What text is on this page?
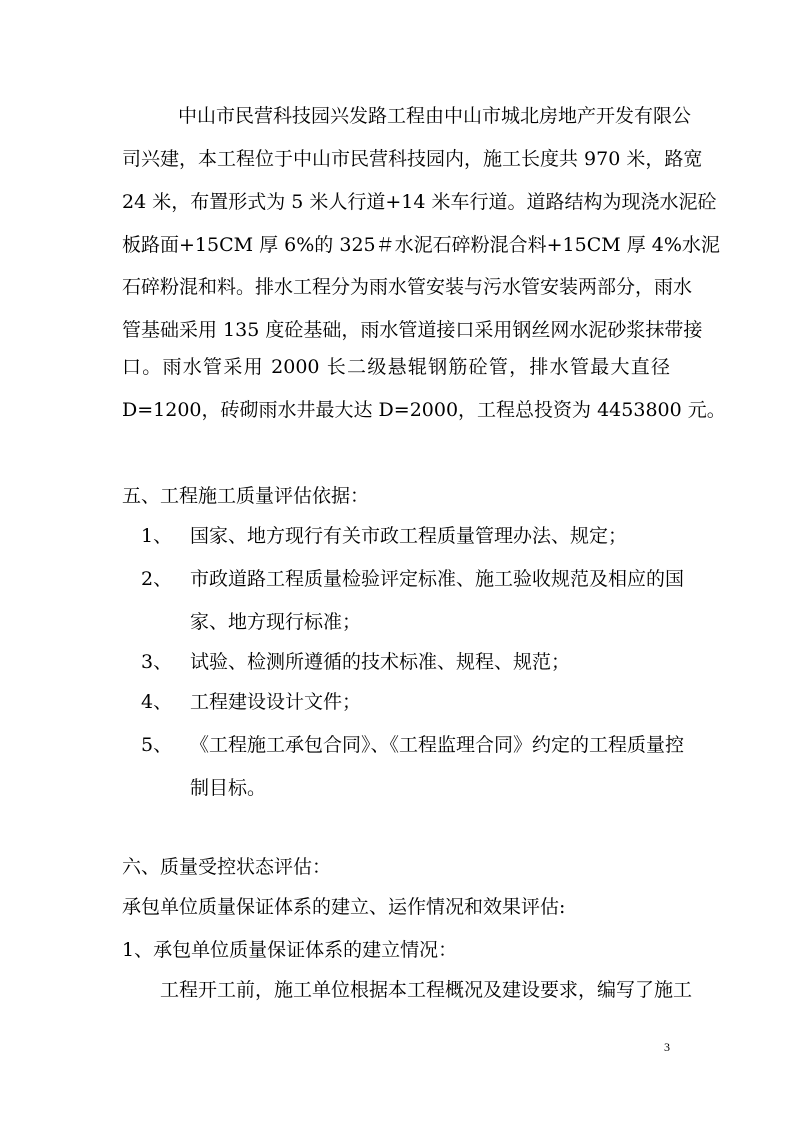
中山市民营科技园兴发路工程由中山市城北房地产开发有限公
司兴建，本工程位于中山市民营科技园内，施工长度共 970 米，路宽
24 米，布置形式为 5 米人行道+14 米车行道。道路结构为现浇水泥砼
板路面+15CM 厚 6%的 325＃水泥石碎粉混合料+15CM 厚 4%水泥
石碎粉混和料。排水工程分为雨水管安装与污水管安装两部分，雨水
管基础采用 135 度砼基础，雨水管道接口采用钢丝网水泥砂浆抹带接
口。雨水管采用 2000 长二级悬辊钢筋砼管，排水管最大直径
D=1200，砖砌雨水井最大达 D=2000，工程总投资为 4453800 元。
五、工程施工质量评估依据：
1、 国家、地方现行有关市政工程质量管理办法、规定；
2、 市政道路工程质量检验评定标准、施工验收规范及相应的国
家、地方现行标准；
3、 试验、检测所遵循的技术标准、规程、规范；
4、 工程建设设计文件；
5、 《工程施工承包合同》、《工程监理合同》约定的工程质量控
制目标。
六、质量受控状态评估：
承包单位质量保证体系的建立、运作情况和效果评估:
1、承包单位质量保证体系的建立情况：
工程开工前，施工单位根据本工程概况及建设要求，编写了施工
3
